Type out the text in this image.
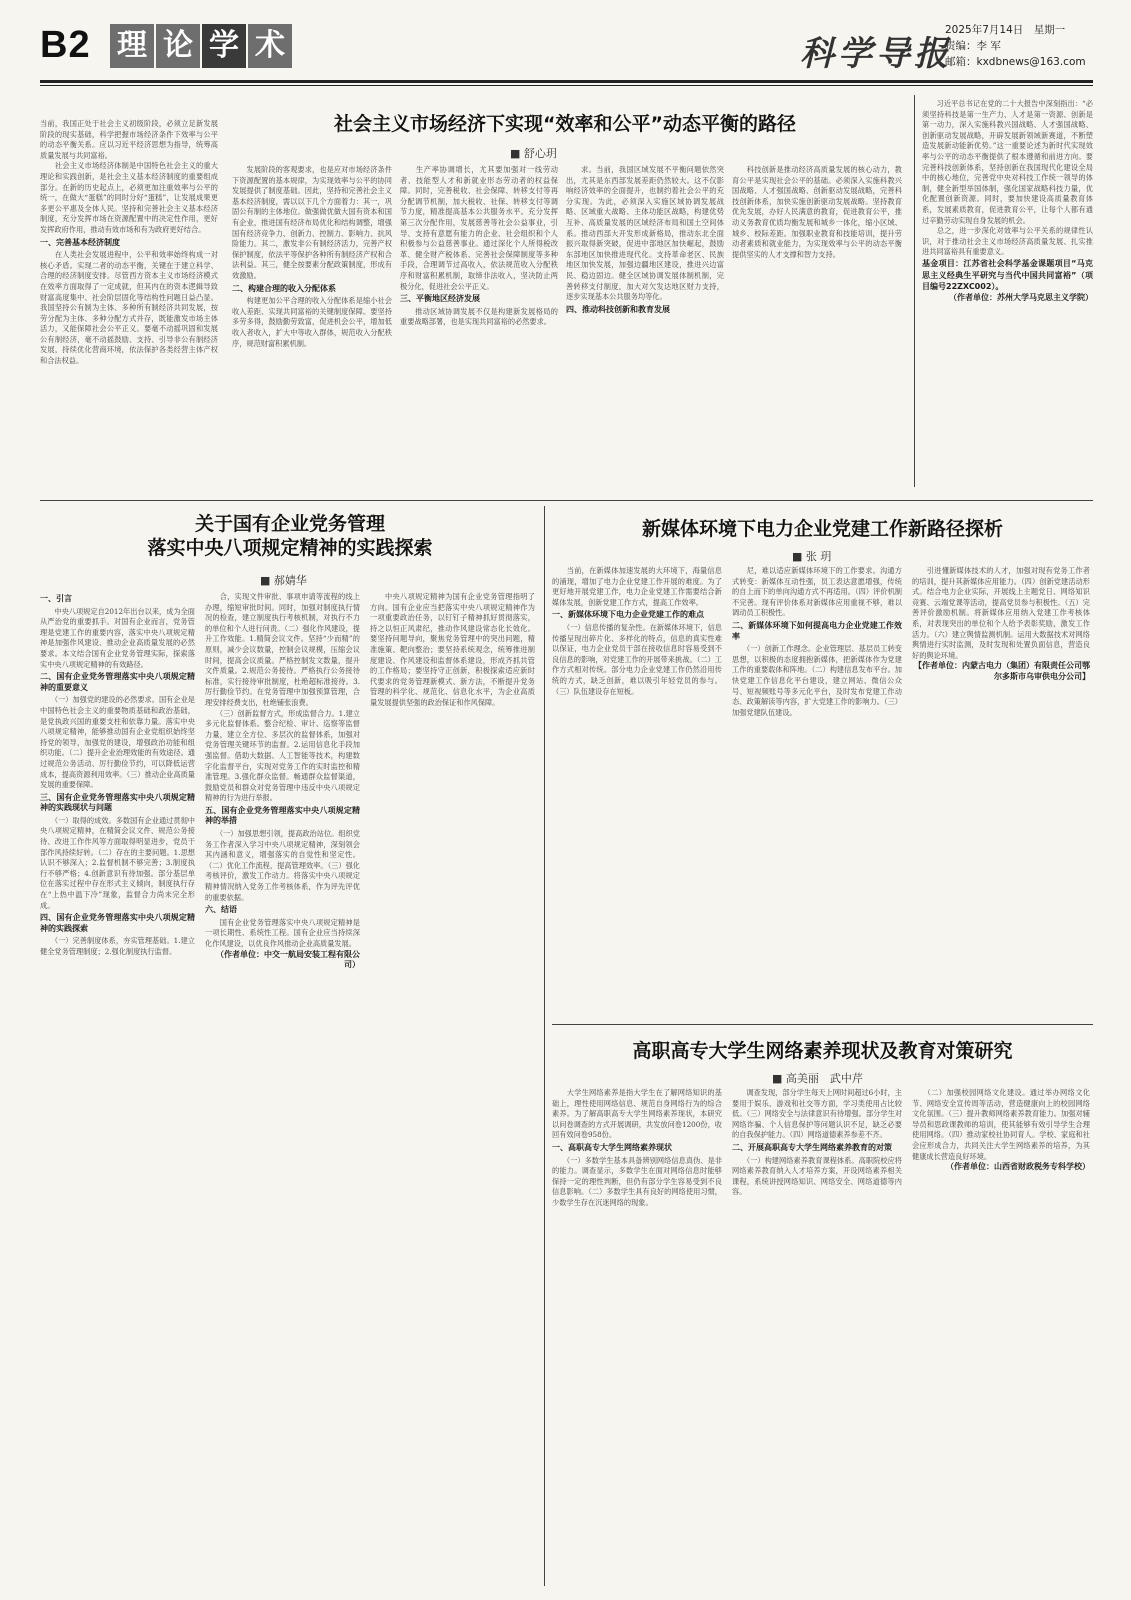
B2 理 论 学 术	科学导报
2025年7月14日　星期一
责编：李 军
邮箱：kxdbnews@163.com
当前，我国正处于社会主义初级阶段，必须立足新发展阶段的现实基础，科学把握市场经济条件下效率与公平的动态平衡关系。应以习近平经济思想为指导，统筹高质量发展与共同富裕。
　　社会主义市场经济体制是中国特色社会主义的重大理论和实践创新，是社会主义基本经济制度的重要组成部分。在新的历史起点上，必须更加注重效率与公平的统一，在做大“蛋糕”的同时分好“蛋糕”，让发展成果更多更公平惠及全体人民。坚持和完善社会主义基本经济制度，充分发挥市场在资源配置中的决定性作用，更好发挥政府作用，推动有效市场和有为政府更好结合。
一、完善基本经济制度
　　在人类社会发展进程中，公平和效率始终构成一对核心矛盾。实现二者的动态平衡，关键在于建立科学、合理的经济制度安排。尽管西方资本主义市场经济模式在效率方面取得了一定成就，但其内在的资本逻辑导致财富高度集中、社会阶层固化等结构性问题日益凸显。我国坚持公有制为主体、多种所有制经济共同发展，按劳分配为主体、多种分配方式并存，既能激发市场主体活力，又能保障社会公平正义。要毫不动摇巩固和发展公有制经济，毫不动摇鼓励、支持、引导非公有制经济发展，持续优化营商环境，依法保护各类经营主体产权和合法权益。
社会主义市场经济下实现“效率和公平”动态平衡的路径
■ 舒心玥
　　发展阶段的客观要求，也是应对市场经济条件下资源配置的基本规律，为实现效率与公平的协同发展提供了制度基础。因此，坚持和完善社会主义基本经济制度，需以以下几个方面着力：其一，巩固公有制的主体地位。做强做优做大国有资本和国有企业，推进国有经济布局优化和结构调整，增强国有经济竞争力、创新力、控制力、影响力、抗风险能力。其二，激发非公有制经济活力，完善产权保护制度，依法平等保护各种所有制经济产权和合法利益。其三，健全按要素分配政策制度，形成有效激励。
二、构建合理的收入分配体系
　　构建更加公平合理的收入分配体系是缩小社会收入差距、实现共同富裕的关键制度保障。要坚持多劳多得，鼓励勤劳致富，促进机会公平，增加低收入者收入，扩大中等收入群体，规范收入分配秩序，规范财富积累机制。
　　生产率协调增长，尤其要加强对一线劳动者、技能型人才和新就业形态劳动者的权益保障。同时，完善税收、社会保障、转移支付等再分配调节机制，加大税收、社保、转移支付等调节力度，精准提高基本公共服务水平。充分发挥第三次分配作用，发展慈善等社会公益事业，引导、支持有意愿有能力的企业、社会组织和个人积极参与公益慈善事业。通过深化个人所得税改革、健全财产税体系、完善社会保障制度等多种手段，合理调节过高收入，依法规范收入分配秩序和财富积累机制，取缔非法收入，坚决防止两极分化，促进社会公平正义。
三、平衡地区经济发展
　　推动区域协调发展不仅是构建新发展格局的重要战略部署，也是实现共同富裕的必然要求。
　　求。当前，我国区域发展不平衡问题依然突出，尤其是东西部发展差距仍然较大。这不仅影响经济效率的全面提升，也制约着社会公平的充分实现。为此，必须深入实施区域协调发展战略、区域重大战略、主体功能区战略，构建优势互补、高质量发展的区域经济布局和国土空间体系。推动西部大开发形成新格局，推动东北全面振兴取得新突破，促进中部地区加快崛起，鼓励东部地区加快推进现代化。支持革命老区、民族地区加快发展，加强边疆地区建设，推进兴边富民、稳边固边。健全区域协调发展体制机制，完善转移支付制度，加大对欠发达地区财力支持，逐步实现基本公共服务均等化。
四、推动科技创新和教育发展
　　科技创新是推动经济高质量发展的核心动力，教育公平是实现社会公平的基础。必须深入实施科教兴国战略、人才强国战略、创新驱动发展战略，完善科技创新体系，加快实施创新驱动发展战略。坚持教育优先发展，办好人民满意的教育，促进教育公平，推动义务教育优质均衡发展和城乡一体化，缩小区域、城乡、校际差距。加强职业教育和技能培训，提升劳动者素质和就业能力，为实现效率与公平的动态平衡提供坚实的人才支撑和智力支持。
　　习近平总书记在党的二十大报告中深刻指出：“必须坚持科技是第一生产力、人才是第一资源、创新是第一动力，深入实施科教兴国战略、人才强国战略、创新驱动发展战略，开辟发展新领域新赛道，不断塑造发展新动能新优势。”这一重要论述为新时代实现效率与公平的动态平衡提供了根本遵循和前进方向。要完善科技创新体系，坚持创新在我国现代化建设全局中的核心地位，完善党中央对科技工作统一领导的体制，健全新型举国体制，强化国家战略科技力量，优化配置创新资源。同时，要加快建设高质量教育体系，发展素质教育，促进教育公平，让每个人都有通过辛勤劳动实现自身发展的机会。
　　总之，进一步深化对效率与公平关系的规律性认识，对于推动社会主义市场经济高质量发展、扎实推进共同富裕具有重要意义。
基金项目：江苏省社会科学基金课题项目“马克思主义经典生平研究与当代中国共同富裕”（项目编号22ZXC002）。
（作者单位：苏州大学马克思主义学院）
关于国有企业党务管理
落实中央八项规定精神的实践探索
■ 郝婧华
一、引言
　　中央八项规定自2012年出台以来，成为全面从严治党的重要抓手。对国有企业而言，党务管理是党建工作的重要内容，落实中央八项规定精神是加强作风建设、推动企业高质量发展的必然要求。本文结合国有企业党务管理实际，探索落实中央八项规定精神的有效路径。
二、国有企业党务管理落实中央八项规定精神的重要意义
　　（一）加强党的建设的必然要求。国有企业是中国特色社会主义的重要物质基础和政治基础，是党执政兴国的重要支柱和依靠力量。落实中央八项规定精神，能够推动国有企业党组织始终坚持党的领导，加强党的建设，增强政治功能和组织功能。（二）提升企业治理效能的有效途径。通过规范公务活动、厉行勤俭节约，可以降低运营成本，提高资源利用效率。（三）推动企业高质量发展的重要保障。
三、国有企业党务管理落实中央八项规定精神的实践现状与问题
　　（一）取得的成效。多数国有企业通过贯彻中央八项规定精神，在精简会议文件、规范公务接待、改进工作作风等方面取得明显进步，党员干部作风持续好转。（二）存在的主要问题。1.思想认识不够深入；2.监督机制不够完善；3.制度执行不够严格；4.创新意识有待加强。部分基层单位在落实过程中存在形式主义倾向，制度执行存在“上热中温下冷”现象，监督合力尚未完全形成。
四、国有企业党务管理落实中央八项规定精神的实践探索
　　（一）完善制度体系，夯实管理基础。1.建立健全党务管理制度；2.强化制度执行监督。
　　合，实现文件审批、事项申请等流程的线上办理，缩短审批时间。同时，加强对制度执行情况的检查，建立制度执行考核机制，对执行不力的单位和个人进行问责。（二）强化作风建设，提升工作效能。1.精简会议文件。坚持“少而精”的原则，减少会议数量，控制会议规模，压缩会议时间，提高会议质量。严格控制发文数量，提升文件质量。2.规范公务接待。严格执行公务接待标准，实行接待审批制度，杜绝超标准接待。3.厉行勤俭节约。在党务管理中加强预算管理，合理安排经费支出，杜绝铺张浪费。
　　（三）创新监督方式，形成监督合力。1.建立多元化监督体系。整合纪检、审计、巡察等监督力量，建立全方位、多层次的监督体系，加强对党务管理关键环节的监督。2.运用信息化手段加强监督。借助大数据、人工智能等技术，构建数字化监督平台，实现对党务工作的实时监控和精准管理。3.强化群众监督。畅通群众监督渠道，鼓励党员和群众对党务管理中违反中央八项规定精神的行为进行举报。
五、国有企业党务管理落实中央八项规定精神的举措
　　（一）加强思想引领，提高政治站位。组织党务工作者深入学习中央八项规定精神，深刻领会其内涵和意义，增强落实的自觉性和坚定性。（二）优化工作流程，提高管理效率。（三）强化考核评价，激发工作动力。将落实中央八项规定精神情况纳入党务工作考核体系，作为评先评优的重要依据。
六、结语
　　国有企业党务管理落实中央八项规定精神是一项长期性、系统性工程。国有企业应当持续深化作风建设，以优良作风推动企业高质量发展。
（作者单位：中交一航局安装工程有限公司）
　　中央八项规定精神为国有企业党务管理指明了方向。国有企业应当把落实中央八项规定精神作为一项重要政治任务，以钉钉子精神抓好贯彻落实，持之以恒正风肃纪，推动作风建设常态化长效化。要坚持问题导向，聚焦党务管理中的突出问题，精准施策、靶向整治；要坚持系统观念，统筹推进制度建设、作风建设和监督体系建设，形成齐抓共管的工作格局；要坚持守正创新，积极探索适应新时代要求的党务管理新模式、新方法，不断提升党务管理的科学化、规范化、信息化水平，为企业高质量发展提供坚强的政治保证和作风保障。
新媒体环境下电力企业党建工作新路径探析
■ 张 玥
　　当前，在新媒体加速发展的大环境下，海量信息的涌现，增加了电力企业党建工作开展的难度。为了更好地开展党建工作，电力企业党建工作需要结合新媒体发展，创新党建工作方式，提高工作效率。
一、新媒体环境下电力企业党建工作的难点
　　（一）信息传播的复杂性。在新媒体环境下，信息传播呈现出碎片化、多样化的特点，信息的真实性难以保证，电力企业党员干部在接收信息时容易受到不良信息的影响，对党建工作的开展带来挑战。（二）工作方式相对传统。部分电力企业党建工作仍然沿用传统的方式，缺乏创新，难以吸引年轻党员的参与。（三）队伍建设存在短板。
　　尼，难以适应新媒体环境下的工作要求。沟通方式转变：新媒体互动性强，员工表达意愿增强，传统的自上而下的单向沟通方式不再适用。（四）评价机制不完善。现有评价体系对新媒体应用重视不够，难以调动员工积极性。
二、新媒体环境下如何提高电力企业党建工作效率
　　（一）创新工作理念。企业管理层、基层员工转变思想，以积极的态度拥抱新媒体，把新媒体作为党建工作的重要载体和阵地。（二）构建信息发布平台。加快党建工作信息化平台建设，建立网站、微信公众号、短视频账号等多元化平台，及时发布党建工作动态、政策解读等内容，扩大党建工作的影响力。（三）加强党建队伍建设。
　　引进懂新媒体技术的人才，加强对现有党务工作者的培训，提升其新媒体应用能力。（四）创新党建活动形式。结合电力企业实际，开展线上主题党日、网络知识竞赛、云端党课等活动，提高党员参与积极性。（五）完善评价激励机制。将新媒体应用纳入党建工作考核体系，对表现突出的单位和个人给予表彰奖励，激发工作活力。（六）建立舆情监测机制。运用大数据技术对网络舆情进行实时监测，及时发现和处置负面信息，营造良好的舆论环境。
【作者单位：内蒙古电力（集团）有限责任公司鄂尔多斯市乌审供电分公司】
高职高专大学生网络素养现状及教育对策研究
■ 高美丽　武中芹
　　大学生网络素养是指大学生在了解网络知识的基础上，理性使用网络信息、规范自身网络行为的综合素养。为了解高职高专大学生网络素养现状，本研究以问卷调查的方式开展调研，共发放问卷1200份，收回有效问卷958份。
一、高职高专大学生网络素养现状
　　（一）多数学生基本具备辨别网络信息真伪、是非的能力。调查显示，多数学生在面对网络信息时能够保持一定的理性判断，但仍有部分学生容易受到不良信息影响。（二）多数学生具有良好的网络使用习惯，少数学生存在沉迷网络的现象。
　　调查发现，部分学生每天上网时间超过6小时，主要用于娱乐、游戏和社交等方面，学习类使用占比较低。（三）网络安全与法律意识有待增强。部分学生对网络诈骗、个人信息保护等问题认识不足，缺乏必要的自我保护能力。（四）网络道德素养参差不齐。
二、开展高职高专大学生网络素养教育的对策
　　（一）构建网络素养教育课程体系。高职院校应将网络素养教育纳入人才培养方案，开设网络素养相关课程，系统讲授网络知识、网络安全、网络道德等内容。
　　（二）加强校园网络文化建设。通过举办网络文化节、网络安全宣传周等活动，营造健康向上的校园网络文化氛围。（三）提升教师网络素养教育能力。加强对辅导员和思政课教师的培训，使其能够有效引导学生合理使用网络。（四）推动家校社协同育人。学校、家庭和社会应形成合力，共同关注大学生网络素养的培养，为其健康成长营造良好环境。
（作者单位：山西省财政税务专科学校）
